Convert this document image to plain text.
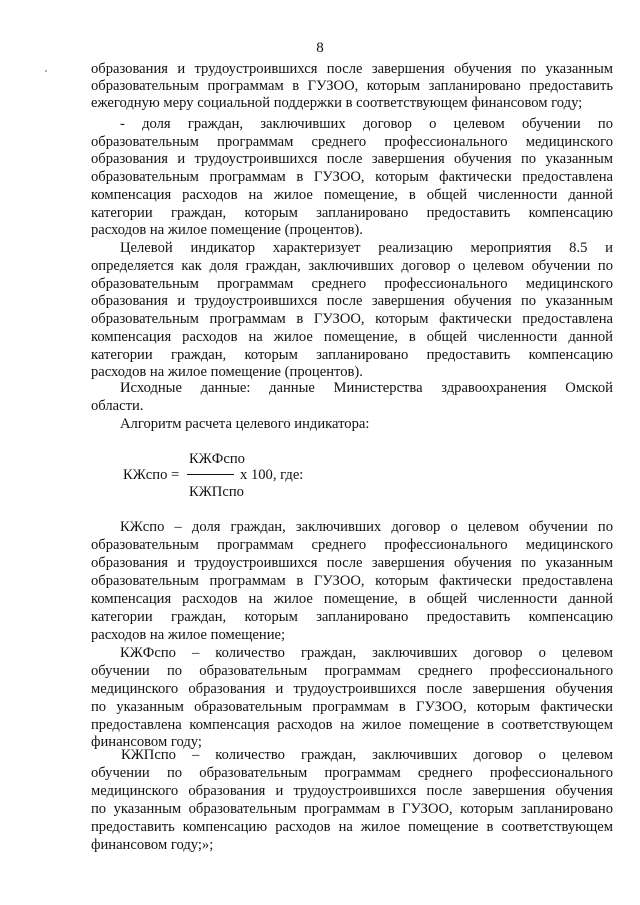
8
образования и трудоустроившихся после завершения обучения по указанным
образовательным программам в ГУЗОО, которым запланировано предоставить
ежегодную меру социальной поддержки в соответствующем финансовом году;
- доля граждан, заключивших договор о целевом обучении по
образовательным программам среднего профессионального медицинского
образования и трудоустроившихся после завершения обучения по указанным
образовательным программам в ГУЗОО, которым фактически предоставлена
компенсация расходов на жилое помещение, в общей численности данной
категории граждан, которым запланировано предоставить компенсацию
расходов на жилое помещение (процентов).
Целевой индикатор характеризует реализацию мероприятия 8.5 и
определяется как доля граждан, заключивших договор о целевом обучении по
образовательным программам среднего профессионального медицинского
образования и трудоустроившихся после завершения обучения по указанным
образовательным программам в ГУЗОО, которым фактически предоставлена
компенсация расходов на жилое помещение, в общей численности данной
категории граждан, которым запланировано предоставить компенсацию
расходов на жилое помещение (процентов).
Исходные данные: данные Министерства здравоохранения Омской
области.
Алгоритм расчета целевого индикатора:
КЖФспо
КЖспо =	х 100, где:
КЖПспо
КЖспо – доля граждан, заключивших договор о целевом обучении по
образовательным программам среднего профессионального медицинского
образования и трудоустроившихся после завершения обучения по указанным
образовательным программам в ГУЗОО, которым фактически предоставлена
компенсация расходов на жилое помещение, в общей численности данной
категории граждан, которым запланировано предоставить компенсацию
расходов на жилое помещение;
КЖФспо – количество граждан, заключивших договор о целевом
обучении по образовательным программам среднего профессионального
медицинского образования и трудоустроившихся после завершения обучения
по указанным образовательным программам в ГУЗОО, которым фактически
предоставлена компенсация расходов на жилое помещение в соответствующем
финансовом году;
КЖПспо – количество граждан, заключивших договор о целевом
обучении по образовательным программам среднего профессионального
медицинского образования и трудоустроившихся после завершения обучения
по указанным образовательным программам в ГУЗОО, которым запланировано
предоставить компенсацию расходов на жилое помещение в соответствующем
финансовом году;»;
